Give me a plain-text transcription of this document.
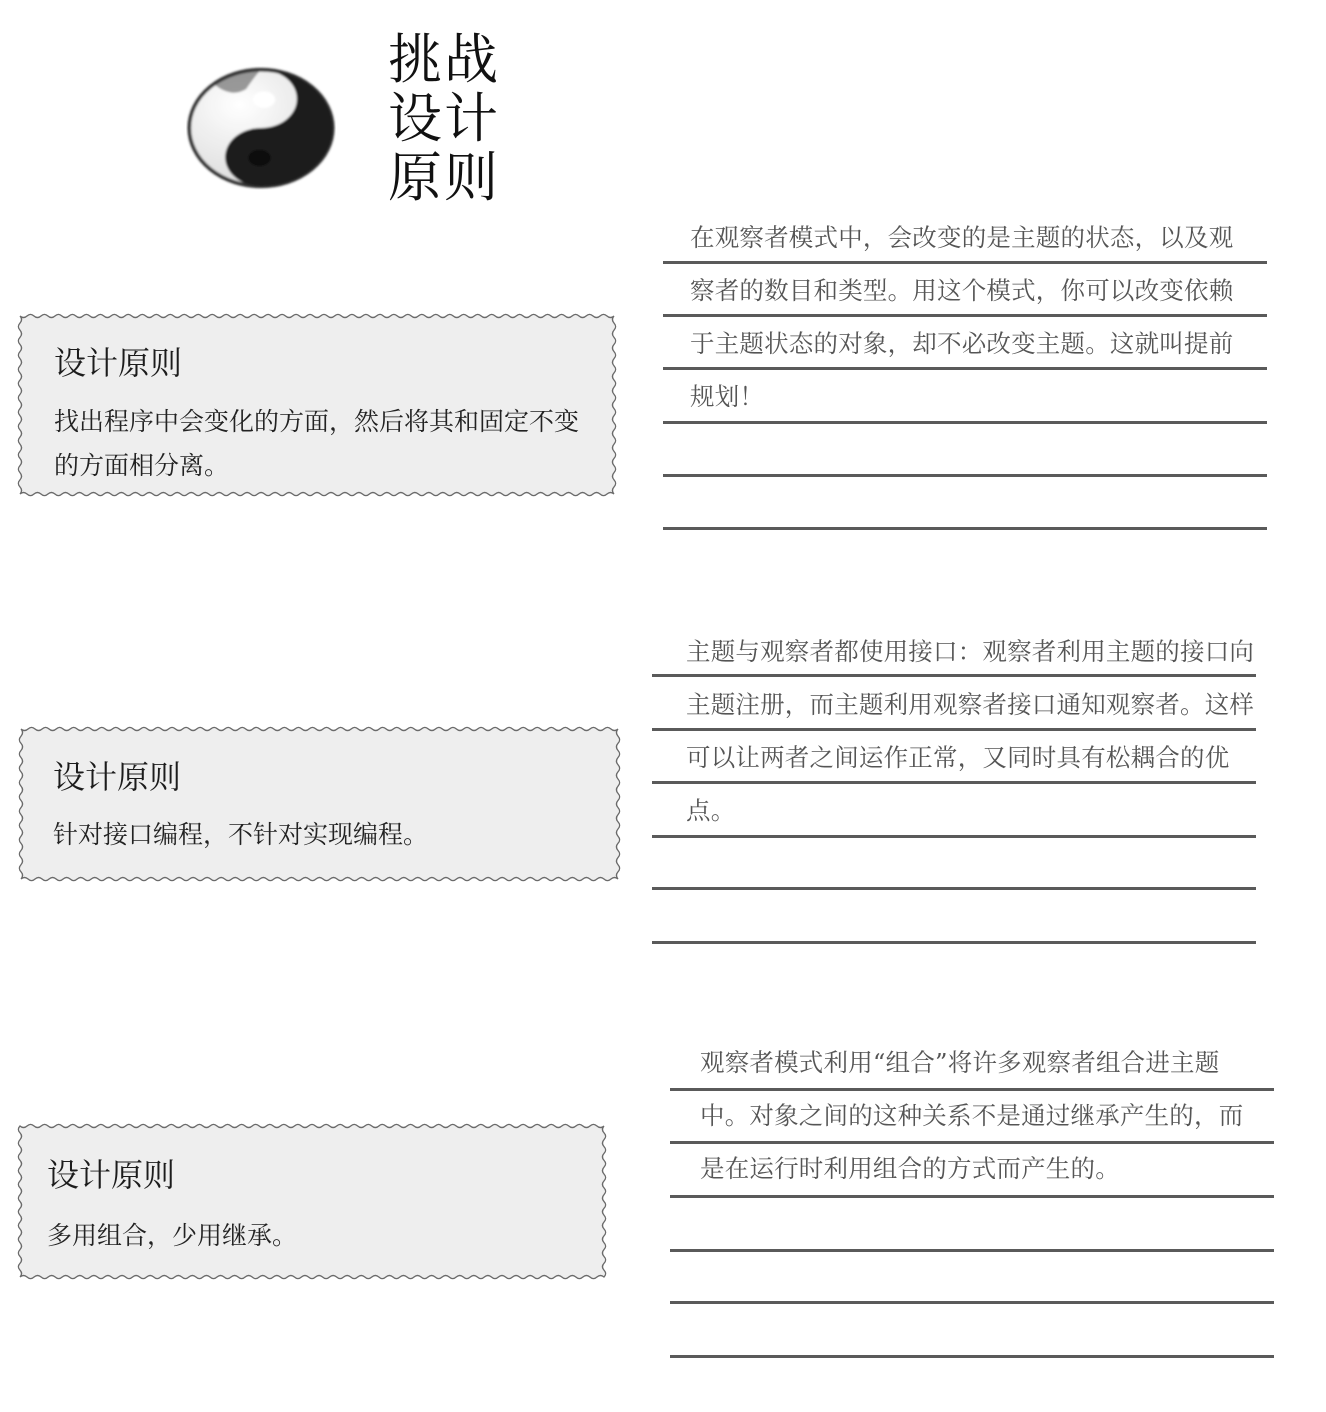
挑战
设计
原则
设计原则
找出程序中会变化的方面，然后将其和固定不变的方面相分离。
设计原则
针对接口编程，不针对实现编程。
设计原则
多用组合，少用继承。
在观察者模式中，会改变的是主题的状态，以及观察者的数目和类型。用这个模式，你可以改变依赖于主题状态的对象，却不必改变主题。这就叫提前规划！
主题与观察者都使用接口：观察者利用主题的接口向主题注册，而主题利用观察者接口通知观察者。这样可以让两者之间运作正常，又同时具有松耦合的优点。
观察者模式利用“组合”将许多观察者组合进主题中。对象之间的这种关系不是通过继承产生的，而是在运行时利用组合的方式而产生的。
